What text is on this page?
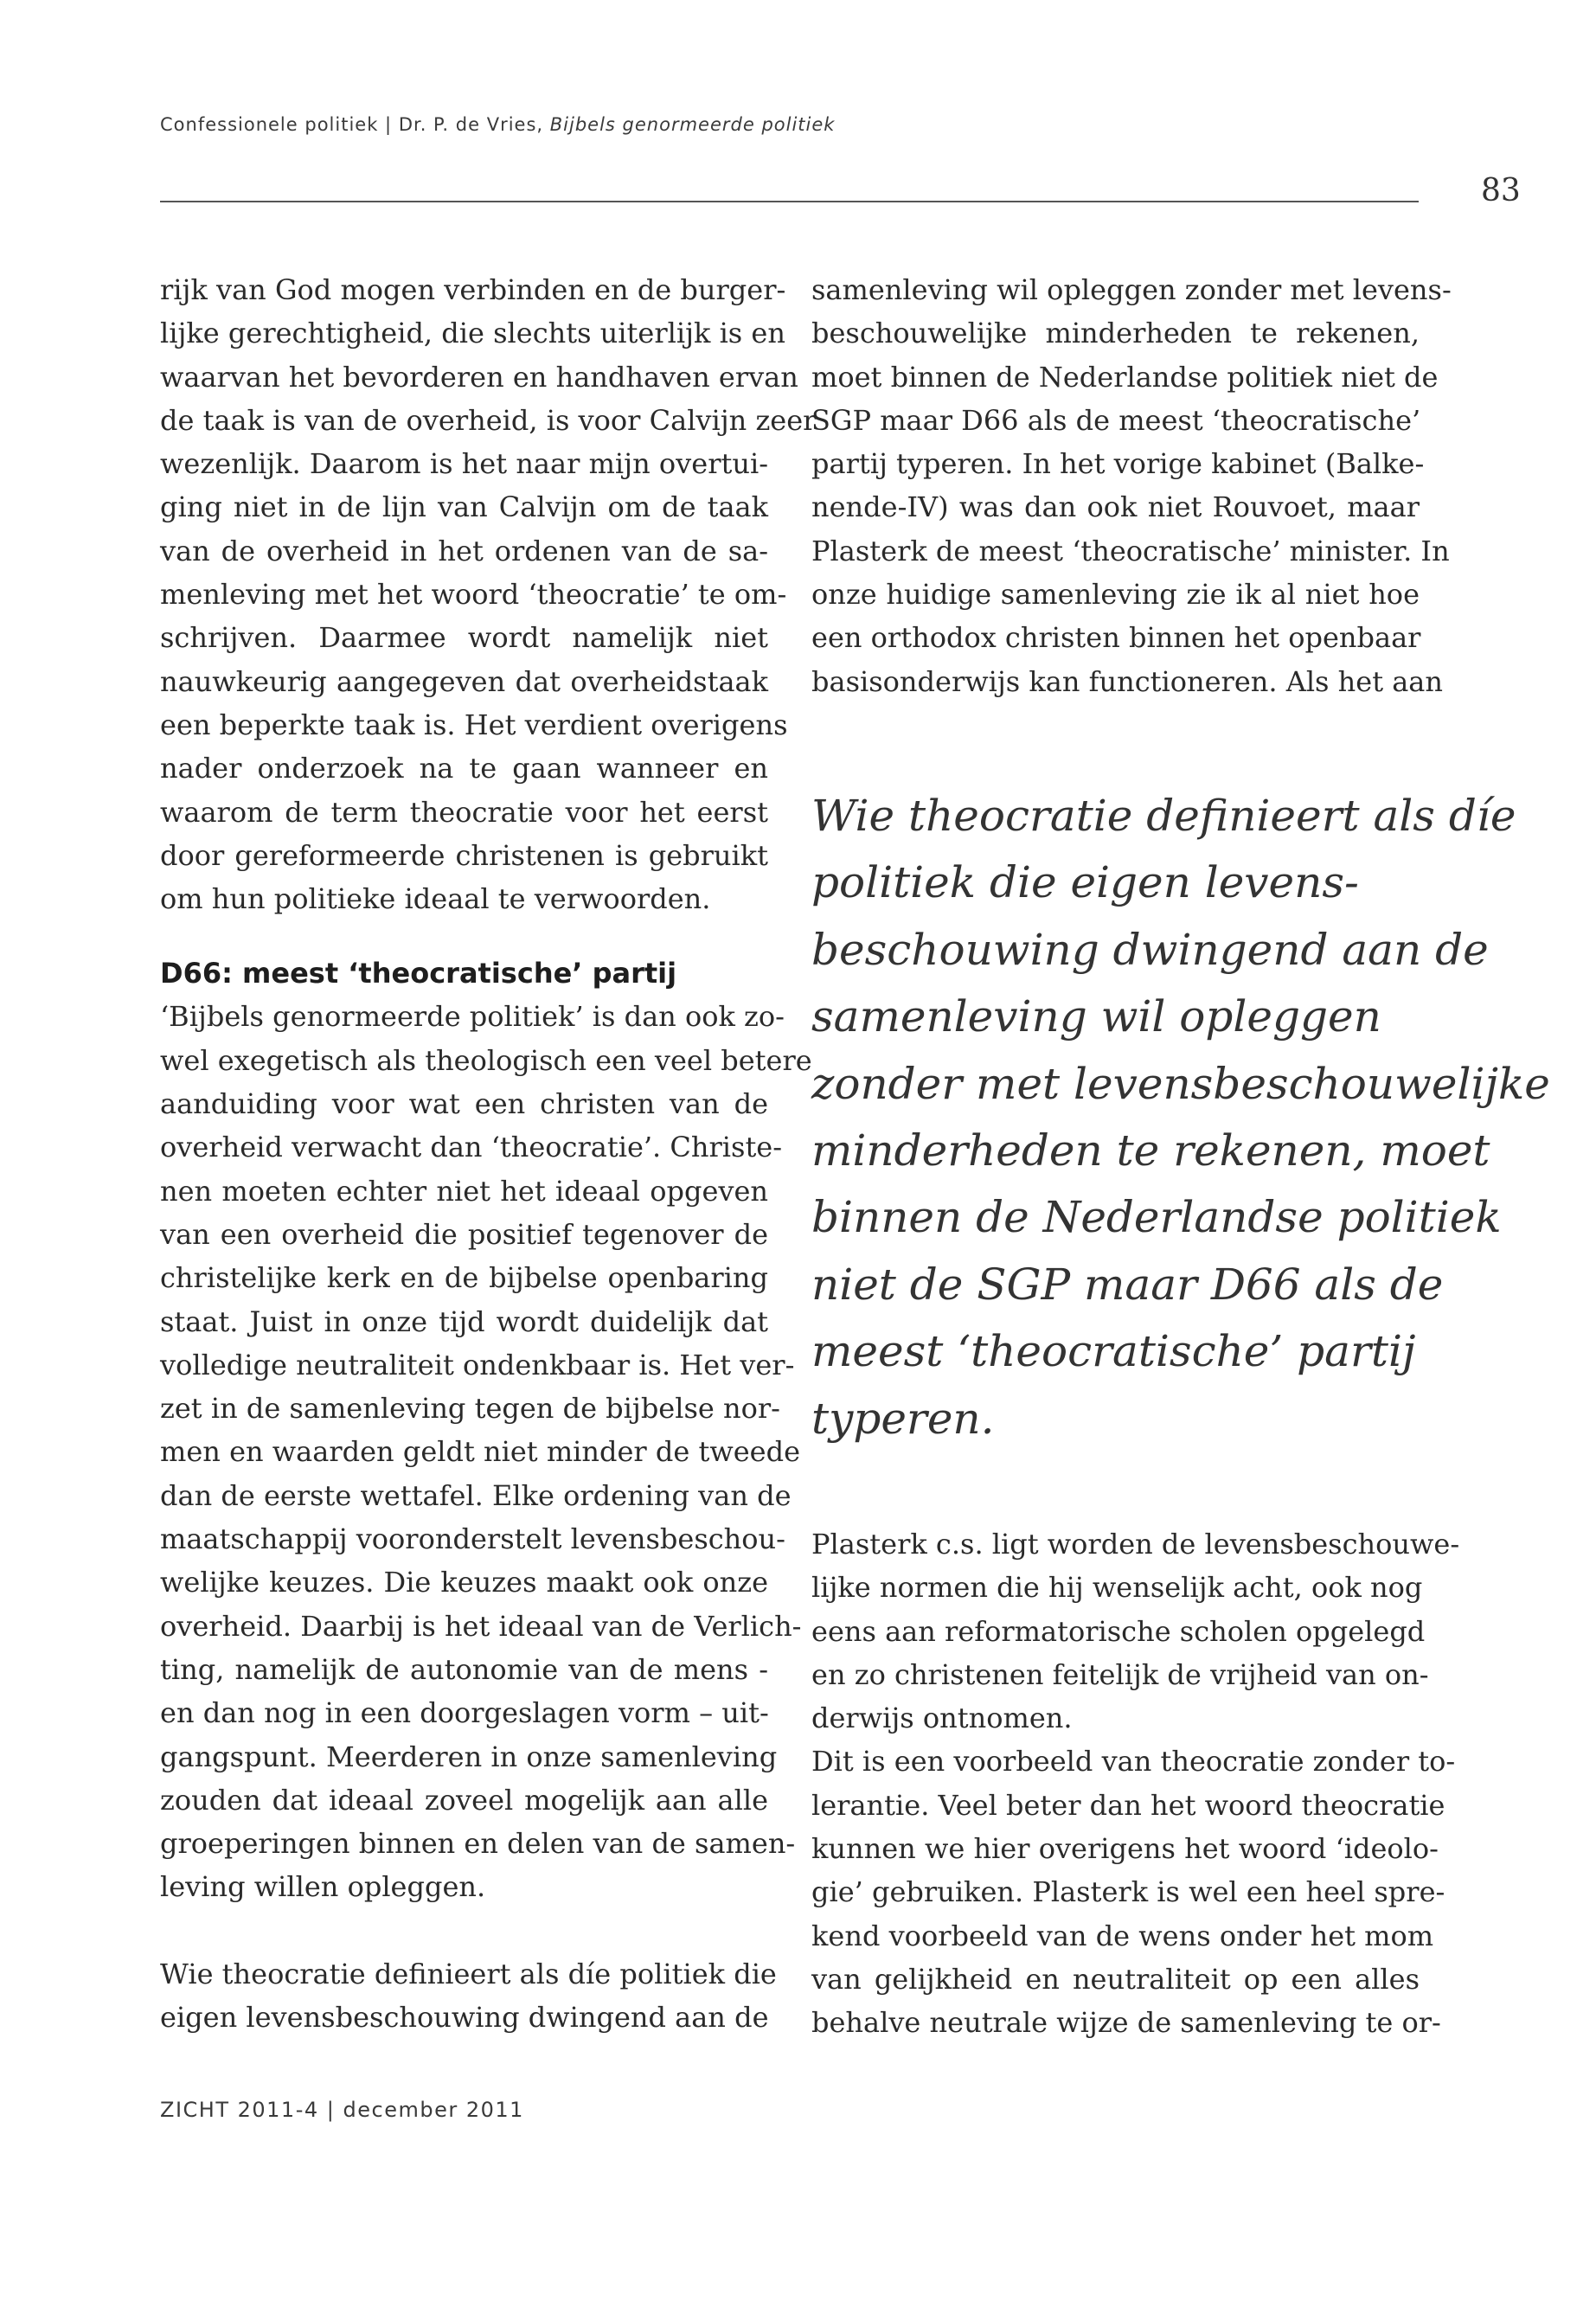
Confessionele politiek | Dr. P. de Vries, Bijbels genormeerde politiek
83
rijk van God mogen verbinden en de burger-
lijke gerechtigheid, die slechts uiterlijk is en
waarvan het bevorderen en handhaven ervan
de taak is van de overheid, is voor Calvijn zeer
wezenlijk. Daarom is het naar mijn overtui-
ging niet in de lijn van Calvijn om de taak
van de overheid in het ordenen van de sa-
menleving met het woord ‘theocratie’ te om-
schrijven. Daarmee wordt namelijk niet
nauwkeurig aangegeven dat overheidstaak
een beperkte taak is. Het verdient overigens
nader onderzoek na te gaan wanneer en
waarom de term theocratie voor het eerst
door gereformeerde christenen is gebruikt
om hun politieke ideaal te verwoorden.
D66: meest ‘theocratische’ partij
‘Bijbels genormeerde politiek’ is dan ook zo-
wel exegetisch als theologisch een veel betere
aanduiding voor wat een christen van de
overheid verwacht dan ‘theocratie’. Christe-
nen moeten echter niet het ideaal opgeven
van een overheid die positief tegenover de
christelijke kerk en de bijbelse openbaring
staat. Juist in onze tijd wordt duidelijk dat
volledige neutraliteit ondenkbaar is. Het ver-
zet in de samenleving tegen de bijbelse nor-
men en waarden geldt niet minder de tweede
dan de eerste wettafel. Elke ordening van de
maatschappij vooronderstelt levensbeschou-
welijke keuzes. Die keuzes maakt ook onze
overheid. Daarbij is het ideaal van de Verlich-
ting, namelijk de autonomie van de mens -
en dan nog in een doorgeslagen vorm – uit-
gangspunt. Meerderen in onze samenleving
zouden dat ideaal zoveel mogelijk aan alle
groeperingen binnen en delen van de samen-
leving willen opleggen.
Wie theocratie definieert als díe politiek die
eigen levensbeschouwing dwingend aan de
samenleving wil opleggen zonder met levens-
beschouwelijke minderheden te rekenen,
moet binnen de Nederlandse politiek niet de
SGP maar D66 als de meest ‘theocratische’
partij typeren. In het vorige kabinet (Balke-
nende-IV) was dan ook niet Rouvoet, maar
Plasterk de meest ‘theocratische’ minister. In
onze huidige samenleving zie ik al niet hoe
een orthodox christen binnen het openbaar
basisonderwijs kan functioneren. Als het aan
Wie theocratie definieert als díe
politiek die eigen levens-
beschouwing dwingend aan de
samenleving wil opleggen
zonder met levensbeschouwelijke
minderheden te rekenen, moet
binnen de Nederlandse politiek
niet de SGP maar D66 als de
meest ‘theocratische’ partij
typeren.
Plasterk c.s. ligt worden de levensbeschouwe-
lijke normen die hij wenselijk acht, ook nog
eens aan reformatorische scholen opgelegd
en zo christenen feitelijk de vrijheid van on-
derwijs ontnomen.
Dit is een voorbeeld van theocratie zonder to-
lerantie. Veel beter dan het woord theocratie
kunnen we hier overigens het woord ‘ideolo-
gie’ gebruiken. Plasterk is wel een heel spre-
kend voorbeeld van de wens onder het mom
van gelijkheid en neutraliteit op een alles
behalve neutrale wijze de samenleving te or-
ZICHT 2011-4 | december 2011
